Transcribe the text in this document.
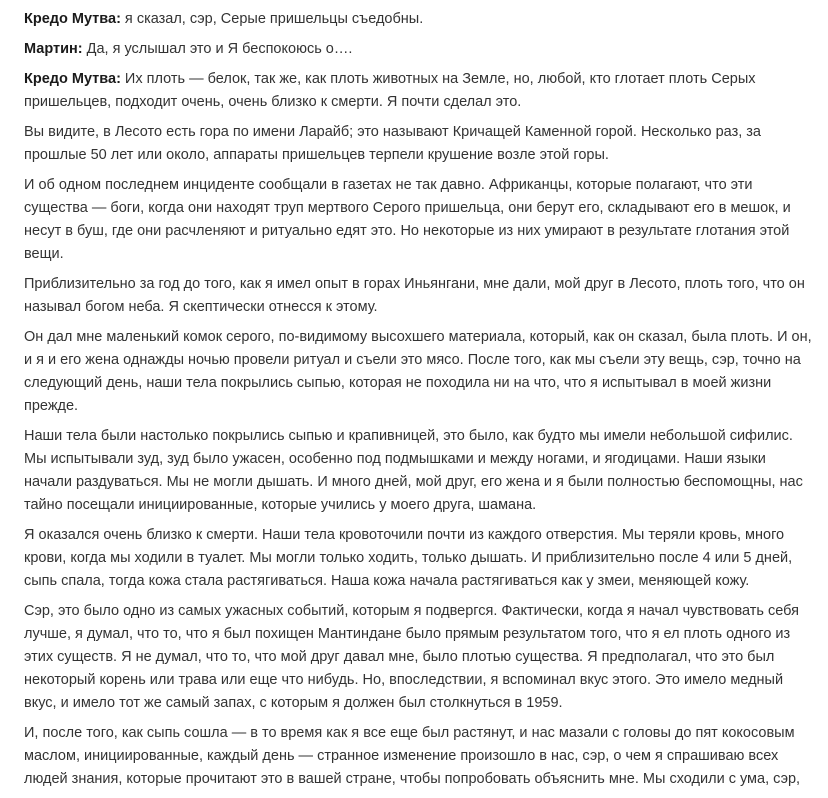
Кредо Мутва: я сказал, сэр, Серые пришельцы съедобны.

Мартин: Да, я услышал это и Я беспокоюсь о….

Кредо Мутва: Их плоть — белок, так же, как плоть животных на Земле, но, любой, кто глотает плоть Серых пришельцев, подходит очень, очень близко к смерти. Я почти сделал это.

Вы видите, в Лесото есть гора по имени Ларайб; это называют Кричащей Каменной горой. Несколько раз, за прошлые 50 лет или около, аппараты пришельцев терпели крушение возле этой горы.

И об одном последнем инциденте сообщали в газетах не так давно. Африканцы, которые полагают, что эти существа — боги, когда они находят труп мертвого Серого пришельца, они берут его, складывают его в мешок, и несут в буш, где они расчленяют и ритуально едят это. Но некоторые из них умирают в результате глотания этой вещи.

Приблизительно за год до того, как я имел опыт в горах Иньянгани, мне дали, мой друг в Лесото, плоть того, что он называл богом неба. Я скептически отнесся к этому.

Он дал мне маленький комок серого, по-видимому высохшего материала, который, как он сказал, была плоть. И он, и я и его жена однажды ночью провели ритуал и съели это мясо. После того, как мы съели эту вещь, сэр, точно на следующий день, наши тела покрылись сыпью, которая не походила ни на что, что я испытывал в моей жизни прежде.

Наши тела были настолько покрылись сыпью и крапивницей, это было, как будто мы имели небольшой сифилис. Мы испытывали зуд, зуд было ужасен, особенно под подмышками и между ногами, и ягодицами. Наши языки начали раздуваться. Мы не могли дышать. И много дней, мой друг, его жена и я были полностью беспомощны, нас тайно посещали инициированные, которые учились у моего друга, шамана.

Я оказался очень близко к смерти. Наши тела кровоточили почти из каждого отверстия. Мы теряли кровь, много крови, когда мы ходили в туалет. Мы могли только ходить, только дышать. И приблизительно после 4 или 5 дней, сыпь спала, тогда кожа стала растягиваться. Наша кожа начала растягиваться как у змеи, меняющей кожу.

Сэр, это было одно из самых ужасных событий, которым я подвергся. Фактически, когда я начал чувствовать себя лучше, я думал, что то, что я был похищен Мантиндане было прямым результатом того, что я ел плоть одного из этих существ. Я не думал, что то, что мой друг давал мне, было плотью существа. Я предполагал, что это был некоторый корень или трава или еще что нибудь. Но, впоследствии, я вспоминал вкус этого. Это имело медный вкус, и имело тот же самый запах, с которым я должен был столкнуться в 1959.

И, после того, как сыпь сошла — в то время как я все еще был растянут, и нас мазали с головы до пят кокосовым маслом, инициированные, каждый день — странное изменение произошло в нас, сэр, о чем я спрашиваю всех людей знания, которые прочитают это в вашей стране, чтобы попробовать объяснить мне. Мы сходили с ума, сэр,
